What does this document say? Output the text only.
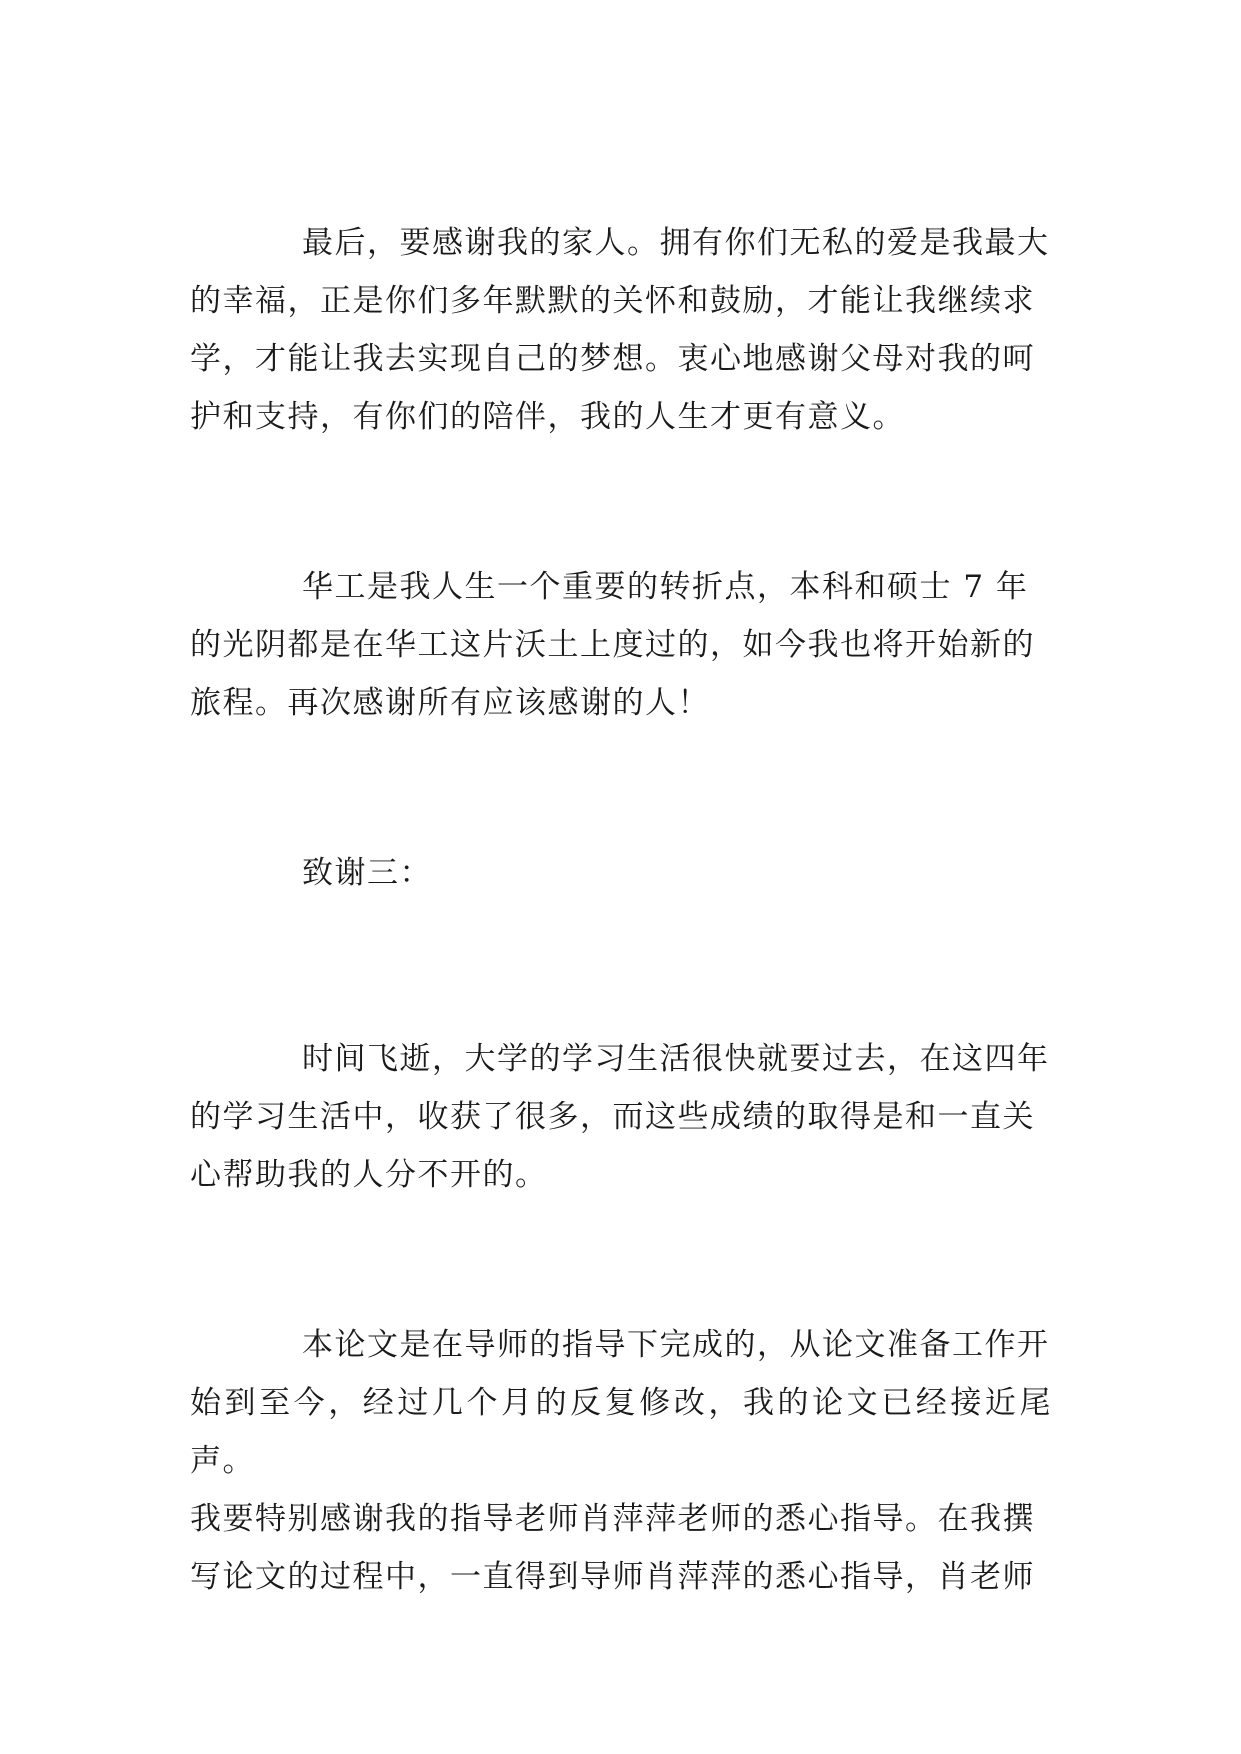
最后，要感谢我的家人。拥有你们无私的爱是我最大
的幸福，正是你们多年默默的关怀和鼓励，才能让我继续求
学，才能让我去实现自己的梦想。衷心地感谢父母对我的呵
护和支持，有你们的陪伴，我的人生才更有意义。
华工是我人生一个重要的转折点，本科和硕士 7 年
的光阴都是在华工这片沃土上度过的，如今我也将开始新的
旅程。再次感谢所有应该感谢的人！
致谢三：
时间飞逝，大学的学习生活很快就要过去，在这四年
的学习生活中，收获了很多，而这些成绩的取得是和一直关
心帮助我的人分不开的。
本论文是在导师的指导下完成的，从论文准备工作开
始到至今，经过几个月的反复修改，我的论文已经接近尾声。
我要特别感谢我的指导老师肖萍萍老师的悉心指导。在我撰
写论文的过程中，一直得到导师肖萍萍的悉心指导，肖老师
